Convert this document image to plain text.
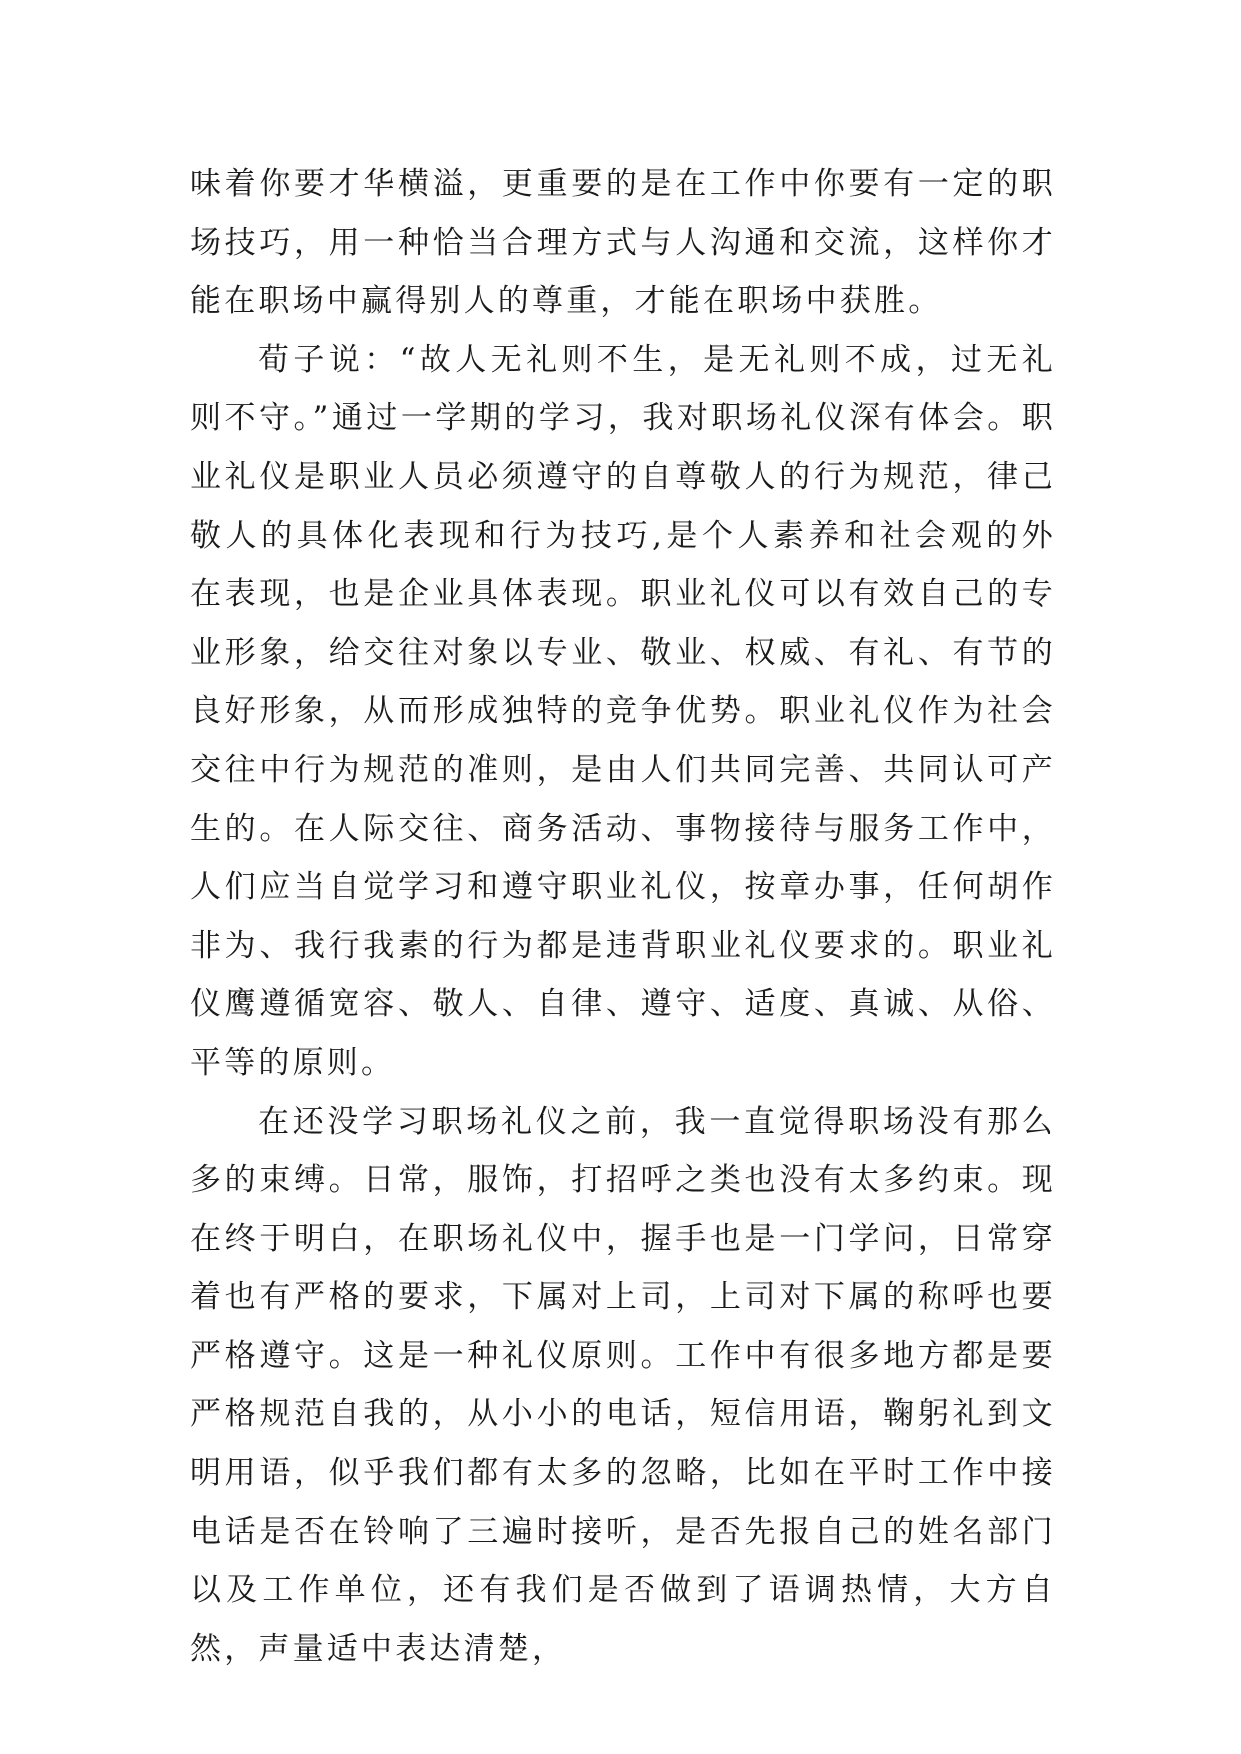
味着你要才华横溢，更重要的是在工作中你要有一定的职场技巧，用一种恰当合理方式与人沟通和交流，这样你才能在职场中赢得别人的尊重，才能在职场中获胜。

荀子说：“故人无礼则不生，是无礼则不成，过无礼则不守。”通过一学期的学习，我对职场礼仪深有体会。职业礼仪是职业人员必须遵守的自尊敬人的行为规范，律己敬人的具体化表现和行为技巧,是个人素养和社会观的外在表现，也是企业具体表现。职业礼仪可以有效自己的专业形象，给交往对象以专业、敬业、权威、有礼、有节的良好形象，从而形成独特的竞争优势。职业礼仪作为社会交往中行为规范的准则，是由人们共同完善、共同认可产生的。在人际交往、商务活动、事物接待与服务工作中，人们应当自觉学习和遵守职业礼仪，按章办事，任何胡作非为、我行我素的行为都是违背职业礼仪要求的。职业礼仪鹰遵循宽容、敬人、自律、遵守、适度、真诚、从俗、平等的原则。

在还没学习职场礼仪之前，我一直觉得职场没有那么多的束缚。日常，服饰，打招呼之类也没有太多约束。现在终于明白，在职场礼仪中，握手也是一门学问，日常穿着也有严格的要求，下属对上司，上司对下属的称呼也要严格遵守。这是一种礼仪原则。工作中有很多地方都是要严格规范自我的，从小小的电话，短信用语，鞠躬礼到文明用语，似乎我们都有太多的忽略，比如在平时工作中接电话是否在铃响了三遍时接听，是否先报自己的姓名部门以及工作单位，还有我们是否做到了语调热情，大方自然，声量适中表达清楚，
